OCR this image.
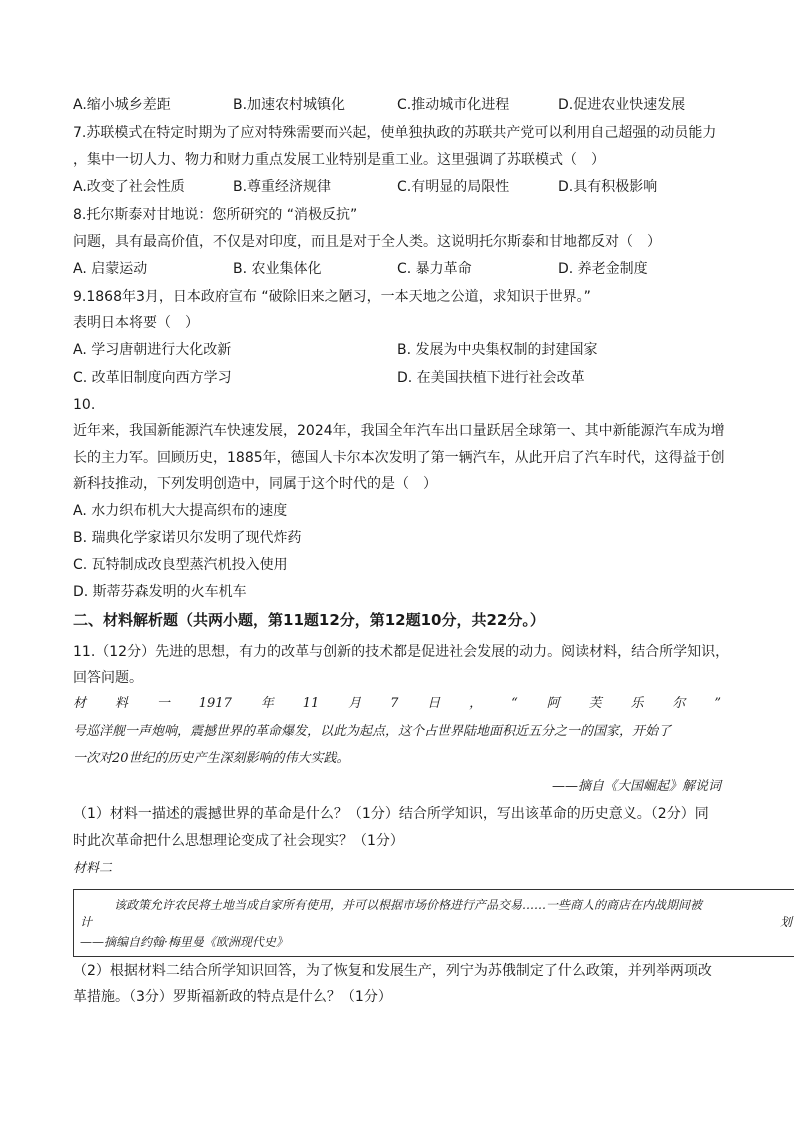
A.缩小城乡差距	B.加速农村城镇化	C.推动城市化进程	D.促进农业快速发展
7.苏联模式在特定时期为了应对特殊需要而兴起，使单独执政的苏联共产党可以利用自己超强的动员能力
，集中一切人力、物力和财力重点发展工业特别是重工业。这里强调了苏联模式（　）
A.改变了社会性质	B.尊重经济规律	C.有明显的局限性	D.具有积极影响
8.托尔斯泰对甘地说：您所研究的 “消极反抗”
问题，具有最高价值，不仅是对印度，而且是对于全人类。这说明托尔斯泰和甘地都反对（　）
A. 启蒙运动	B. 农业集体化	C. 暴力革命	D. 养老金制度
9.1868年3月，日本政府宣布 “破除旧来之陋习，一本天地之公道，求知识于世界。”
表明日本将要（　）
A. 学习唐朝进行大化改新	B. 发展为中央集权制的封建国家
C. 改革旧制度向西方学习	D. 在美国扶植下进行社会改革
10.
近年来，我国新能源汽车快速发展，2024年，我国全年汽车出口量跃居全球第一、其中新能源汽车成为增
长的主力军。回顾历史，1885年，德国人卡尔本次发明了第一辆汽车，从此开启了汽车时代，这得益于创
新科技推动，下列发明创造中，同属于这个时代的是（　）
A. 水力织布机大大提高织布的速度
B. 瑞典化学家诺贝尔发明了现代炸药
C. 瓦特制成改良型蒸汽机投入使用
D. 斯蒂芬森发明的火车机车
二、材料解析题（共两小题，第11题12分，第12题10分，共22分。）
11.（12分）先进的思想，有力的改革与创新的技术都是促进社会发展的动力。阅读材料，结合所学知识，
回答问题。
材 料 一 1917 年 11 月 7 日 ， “ 阿 芙 乐 尔 ”
号巡洋舰一声炮响，震撼世界的革命爆发，以此为起点，这个占世界陆地面积近五分之一的国家，开始了
一次对20世纪的历史产生深刻影响的伟大实践。
——摘自《大国崛起》解说词
（1）材料一描述的震撼世界的革命是什么？（1分）结合所学知识，写出该革命的历史意义。（2分）同
时此次革命把什么思想理论变成了社会现实？（1分）
材料二
该政策允许农民将土地当成自家所有使用，并可以根据市场价格进行产品交易……一些商人的商店在内战期间被
计	划
——摘编自约翰·梅里曼《欧洲现代史》
（2）根据材料二结合所学知识回答，为了恢复和发展生产，列宁为苏俄制定了什么政策，并列举两项改
革措施。（3分）罗斯福新政的特点是什么？（1分）
